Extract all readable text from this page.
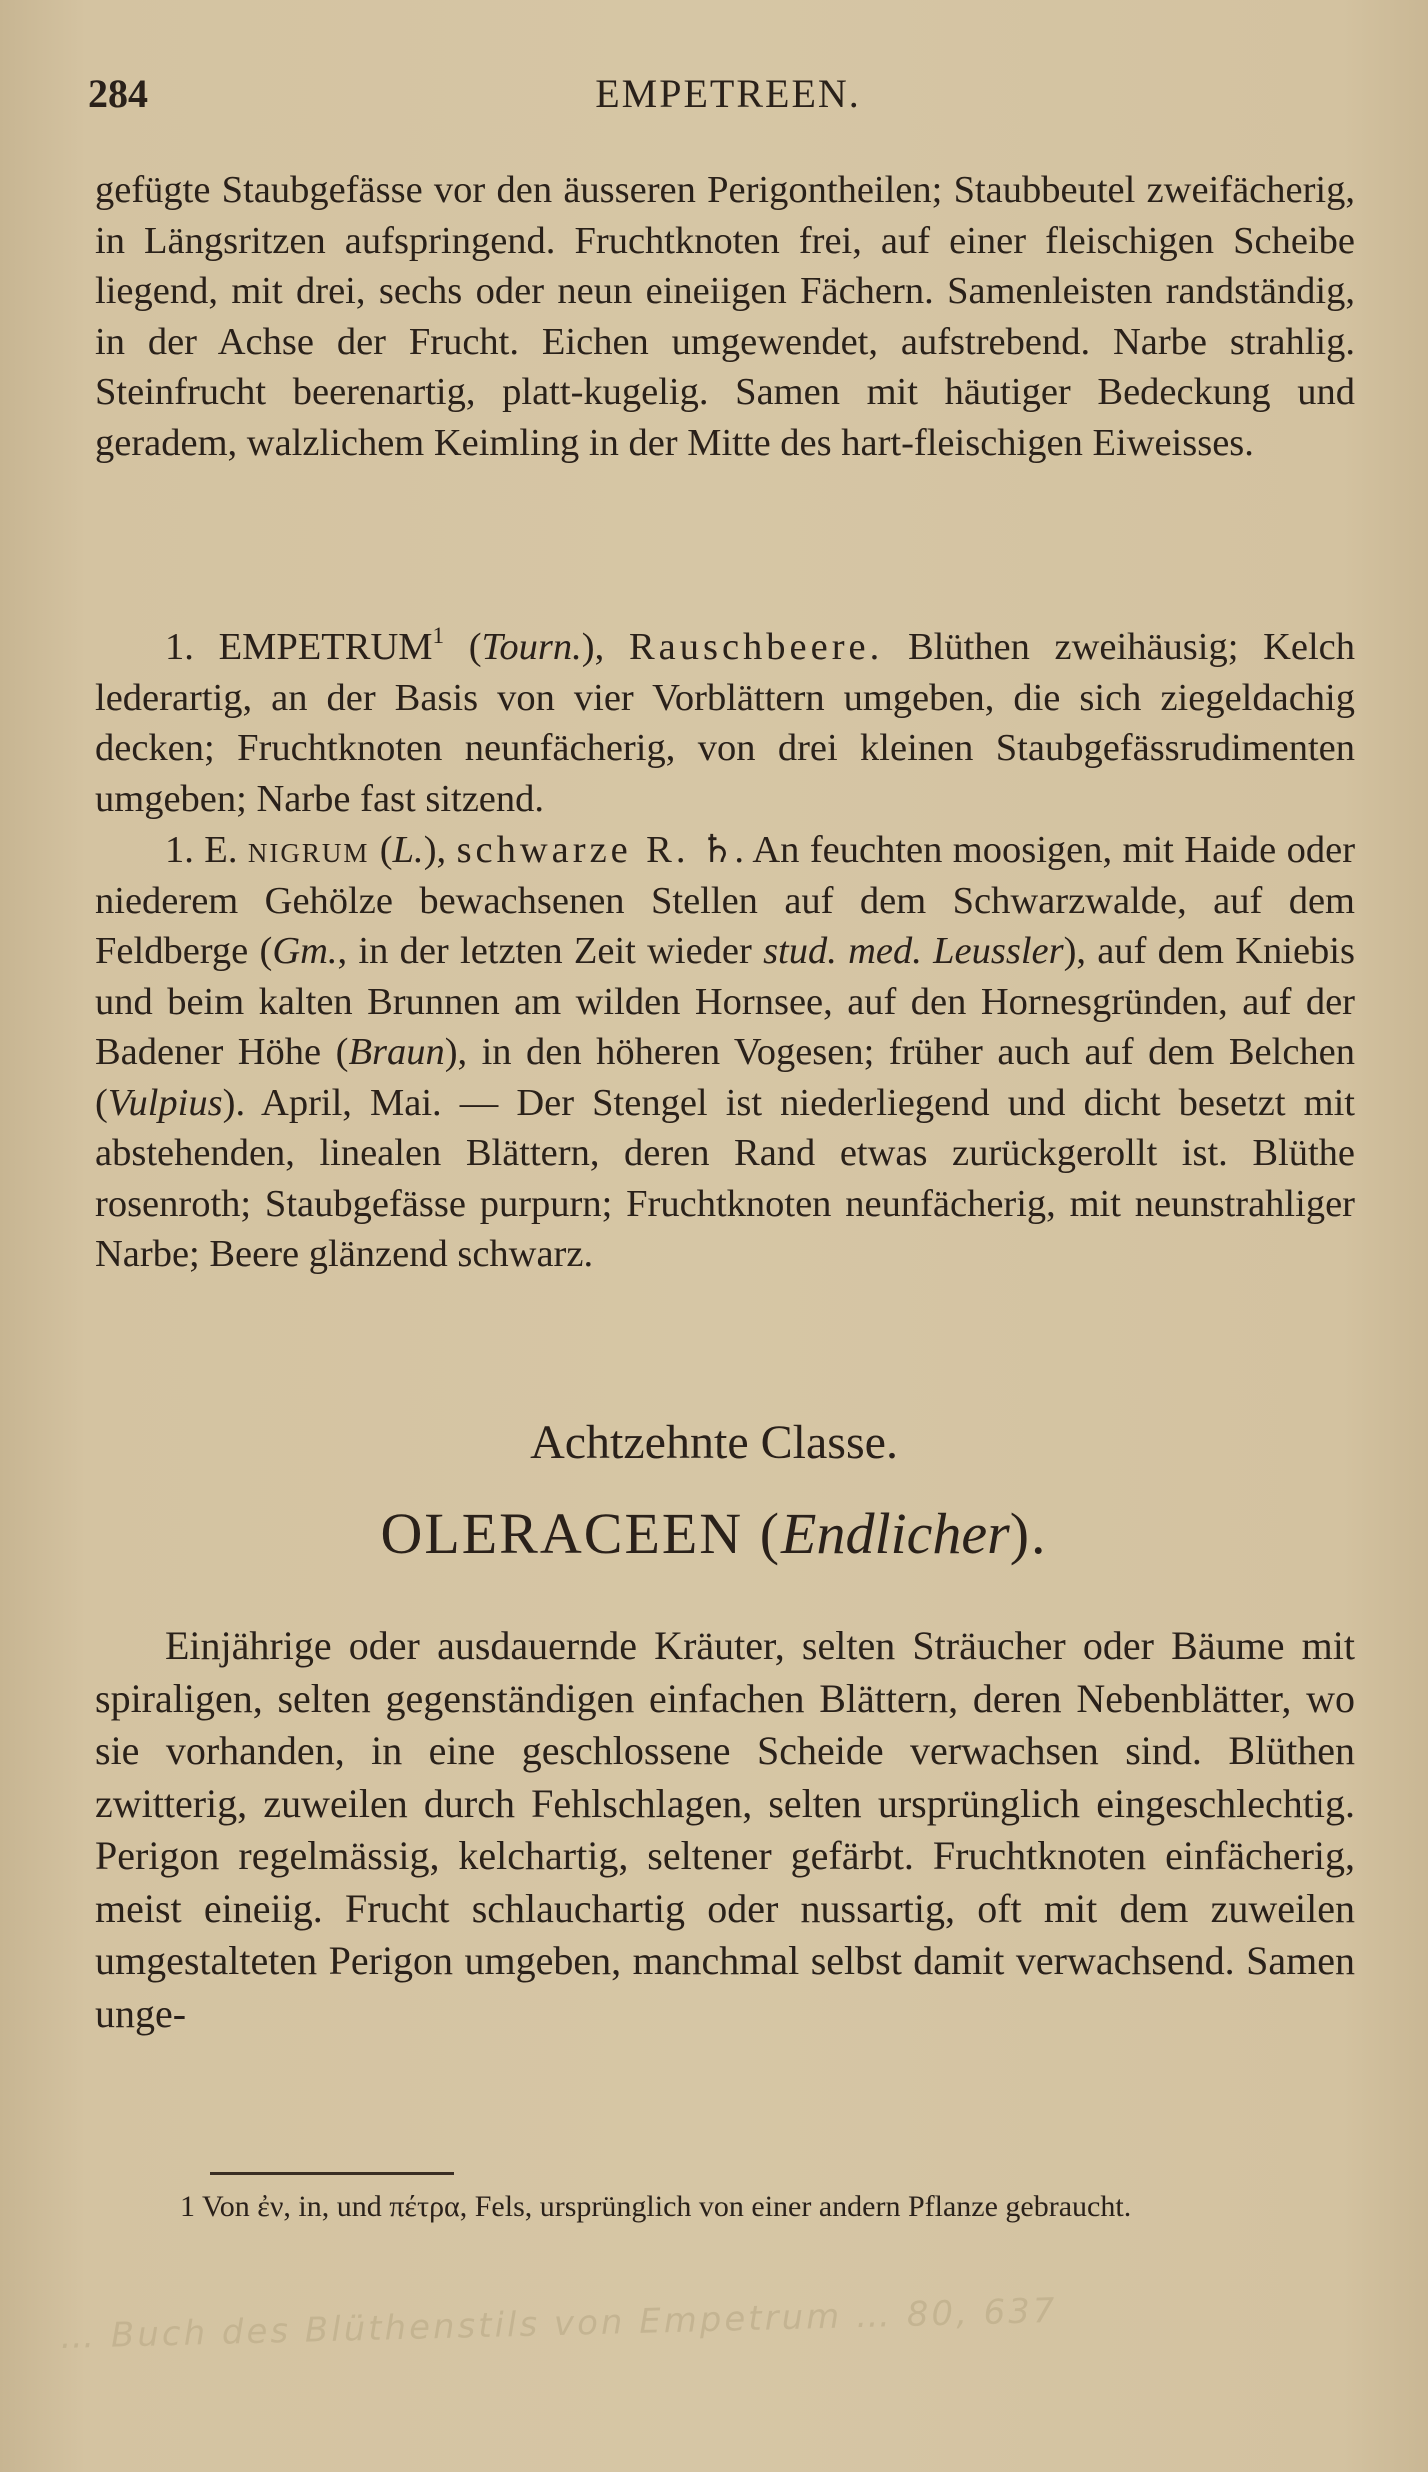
284	EMPETREEN.

gefügte Staubgefässe vor den äusseren Perigontheilen; Staubbeutel zweifächerig, in Längsritzen aufspringend. Fruchtknoten frei, auf einer fleischigen Scheibe liegend, mit drei, sechs oder neun eineiigen Fächern. Samenleisten randständig, in der Achse der Frucht. Eichen umgewendet, aufstrebend. Narbe strahlig. Steinfrucht beerenartig, platt-kugelig. Samen mit häutiger Bedeckung und geradem, walzlichem Keimling in der Mitte des hart-fleischigen Eiweisses.

1. EMPETRUM$^1$ (Tourn.), Rauschbeere. Blüthen zweihäusig; Kelch lederartig, an der Basis von vier Vorblättern umgeben, die sich ziegeldachig decken; Fruchtknoten neunfächerig, von drei kleinen Staubgefässrudimenten umgeben; Narbe fast sitzend.

1. E. nigrum (L.), schwarze R. ♄. An feuchten moosigen, mit Haide oder niederem Gehölze bewachsenen Stellen auf dem Schwarzwalde, auf dem Feldberge (Gm., in der letzten Zeit wieder stud. med. Leussler), auf dem Kniebis und beim kalten Brunnen am wilden Hornsee, auf den Hornesgründen, auf der Badener Höhe (Braun), in den höheren Vogesen; früher auch auf dem Belchen (Vulpius). April, Mai. — Der Stengel ist niederliegend und dicht besetzt mit abstehenden, linealen Blättern, deren Rand etwas zurückgerollt ist. Blüthe rosenroth; Staubgefässe purpurn; Fruchtknoten neunfächerig, mit neunstrahliger Narbe; Beere glänzend schwarz.

Achtzehnte Classe.
OLERACEEN (Endlicher).

Einjährige oder ausdauernde Kräuter, selten Sträucher oder Bäume mit spiraligen, selten gegenständigen einfachen Blättern, deren Nebenblätter, wo sie vorhanden, in eine geschlossene Scheide verwachsen sind. Blüthen zwitterig, zuweilen durch Fehlschlagen, selten ursprünglich eingeschlechtig. Perigon regelmässig, kelchartig, seltener gefärbt. Fruchtknoten einfächerig, meist eineiig. Frucht schlauchartig oder nussartig, oft mit dem zuweilen umgestalteten Perigon umgeben, manchmal selbst damit verwachsend. Samen unge-

1 Von ἐν, in, und πέτρα, Fels, ursprünglich von einer andern Pflanze gebraucht.
… Buch des Blüthenstils von Empetrum … 80, 637
